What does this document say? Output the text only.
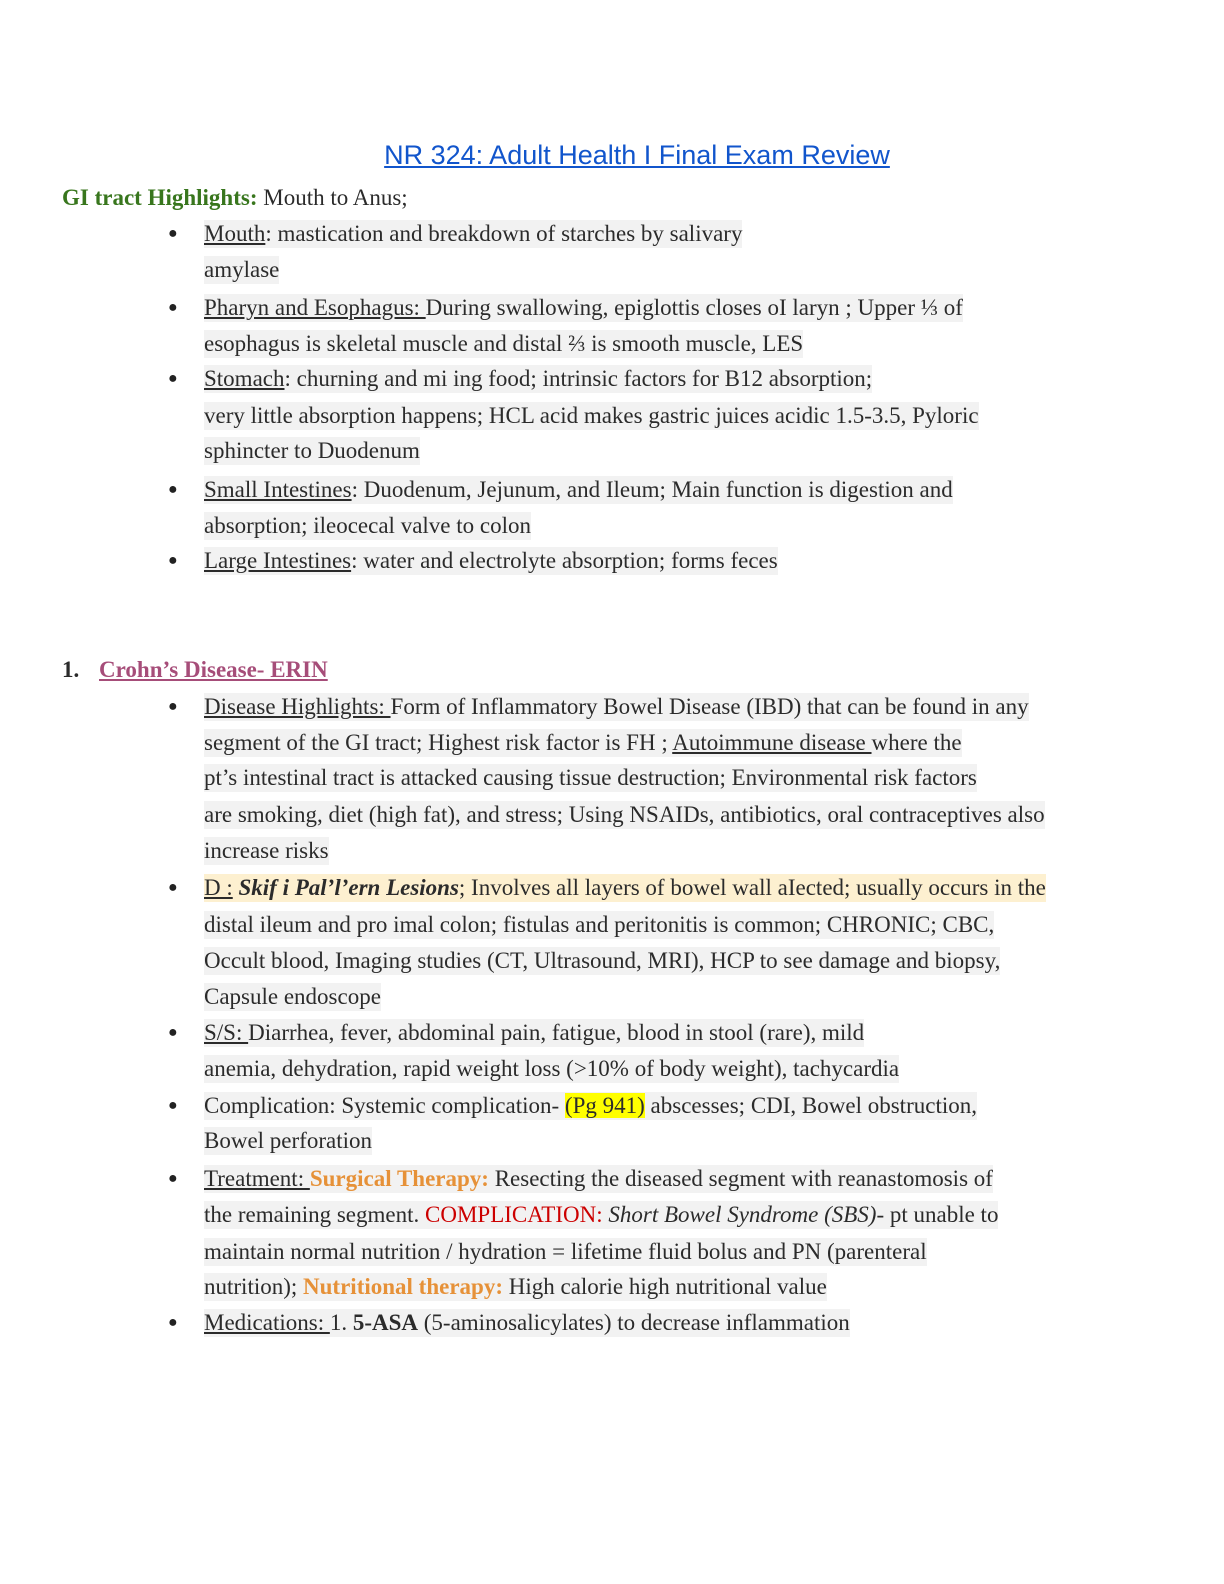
NR 324: Adult Health I Final Exam Review
GI tract Highlights: Mouth to Anus;
● Mouth: mastication and breakdown of starches by salivary
amylase
● Pharyn and Esophagus: During swallowing, epiglottis closes oI laryn ; Upper ⅓ of
esophagus is skeletal muscle and distal ⅔ is smooth muscle, LES
● Stomach: churning and mi ing food; intrinsic factors for B12 absorption;
very little absorption happens; HCL acid makes gastric juices acidic 1.5-3.5, Pyloric
sphincter to Duodenum
● Small Intestines: Duodenum, Jejunum, and Ileum; Main function is digestion and
absorption; ileocecal valve to colon
● Large Intestines: water and electrolyte absorption; forms feces
1. Crohn’s Disease- ERIN
● Disease Highlights: Form of Inflammatory Bowel Disease (IBD) that can be found in any
segment of the GI tract; Highest risk factor is FH ; Autoimmune disease where the
pt’s intestinal tract is attacked causing tissue destruction; Environmental risk factors
are smoking, diet (high fat), and stress; Using NSAIDs, antibiotics, oral contraceptives also
increase risks
● D : Skif i Pal’l’ern Lesions; Involves all layers of bowel wall aIected; usually occurs in the
distal ileum and pro imal colon; fistulas and peritonitis is common; CHRONIC; CBC,
Occult blood, Imaging studies (CT, Ultrasound, MRI), HCP to see damage and biopsy,
Capsule endoscope
● S/S: Diarrhea, fever, abdominal pain, fatigue, blood in stool (rare), mild
anemia, dehydration, rapid weight loss (>10% of body weight), tachycardia
● Complication: Systemic complication- (Pg 941) abscesses; CDI, Bowel obstruction,
Bowel perforation
● Treatment: Surgical Therapy: Resecting the diseased segment with reanastomosis of
the remaining segment. COMPLICATION: Short Bowel Syndrome (SBS)- pt unable to
maintain normal nutrition / hydration = lifetime fluid bolus and PN (parenteral
nutrition); Nutritional therapy: High calorie high nutritional value
● Medications: 1. 5-ASA (5-aminosalicylates) to decrease inflammation
